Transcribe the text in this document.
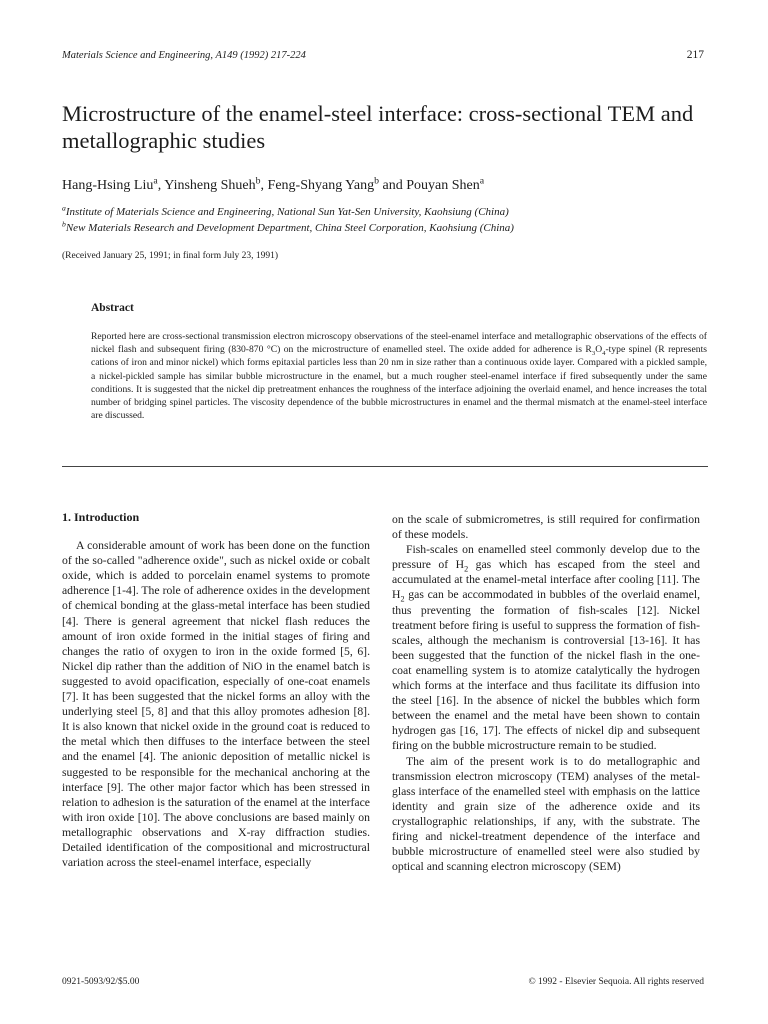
Materials Science and Engineering, A149 (1992) 217-224	217
Microstructure of the enamel-steel interface: cross-sectional TEM and metallographic studies
Hang-Hsing Liu$^a$, Yinsheng Shueh$^b$, Feng-Shyang Yang$^b$ and Pouyan Shen$^a$
$^a$Institute of Materials Science and Engineering, National Sun Yat-Sen University, Kaohsiung (China)
$^b$New Materials Research and Development Department, China Steel Corporation, Kaohsiung (China)
(Received January 25, 1991; in final form July 23, 1991)
Abstract
Reported here are cross-sectional transmission electron microscopy observations of the steel-enamel interface and metallographic observations of the effects of nickel flash and subsequent firing (830-870 °C) on the microstructure of enamelled steel. The oxide added for adherence is $R_3O_4$-type spinel (R represents cations of iron and minor nickel) which forms epitaxial particles less than 20 nm in size rather than a continuous oxide layer. Compared with a pickled sample, a nickel-pickled sample has similar bubble microstructure in the enamel, but a much rougher steel-enamel interface if fired subsequently under the same conditions. It is suggested that the nickel dip pretreatment enhances the roughness of the interface adjoining the overlaid enamel, and hence increases the total number of bridging spinel particles. The viscosity dependence of the bubble microstructures in enamel and the thermal mismatch at the enamel-steel interface are discussed.
1. Introduction

A considerable amount of work has been done on the function of the so-called "adherence oxide", such as nickel oxide or cobalt oxide, which is added to porcelain enamel systems to promote adherence [1-4]. The role of adherence oxides in the development of chemical bonding at the glass-metal interface has been studied [4]. There is general agreement that nickel flash reduces the amount of iron oxide formed in the initial stages of firing and changes the ratio of oxygen to iron in the oxide formed [5, 6]. Nickel dip rather than the addition of NiO in the enamel batch is suggested to avoid opacification, especially of one-coat enamels [7]. It has been suggested that the nickel forms an alloy with the underlying steel [5, 8] and that this alloy promotes adhesion [8]. It is also known that nickel oxide in the ground coat is reduced to the metal which then diffuses to the interface between the steel and the enamel [4]. The anionic deposition of metallic nickel is suggested to be responsible for the mechanical anchoring at the interface [9]. The other major factor which has been stressed in relation to adhesion is the saturation of the enamel at the interface with iron oxide [10]. The above conclusions are based mainly on metallographic observations and X-ray diffraction studies. Detailed identification of the compositional and microstructural variation across the steel-enamel interface, especially

on the scale of submicrometres, is still required for confirmation of these models.

Fish-scales on enamelled steel commonly develop due to the pressure of $H_2$ gas which has escaped from the steel and accumulated at the enamel-metal interface after cooling [11]. The $H_2$ gas can be accommodated in bubbles of the overlaid enamel, thus preventing the formation of fish-scales [12]. Nickel treatment before firing is useful to suppress the formation of fish-scales, although the mechanism is controversial [13-16]. It has been suggested that the function of the nickel flash in the one-coat enamelling system is to atomize catalytically the hydrogen which forms at the interface and thus facilitate its diffusion into the steel [16]. In the absence of nickel the bubbles which form between the enamel and the metal have been shown to contain hydrogen gas [16, 17]. The effects of nickel dip and subsequent firing on the bubble microstructure remain to be studied.

The aim of the present work is to do metallographic and transmission electron microscopy (TEM) analyses of the metal-glass interface of the enamelled steel with emphasis on the lattice identity and grain size of the adherence oxide and its crystallographic relationships, if any, with the substrate. The firing and nickel-treatment dependence of the interface and bubble microstructure of enamelled steel were also studied by optical and scanning electron microscopy (SEM)

0921-5093/92/$5.00	© 1992 - Elsevier Sequoia. All rights reserved
